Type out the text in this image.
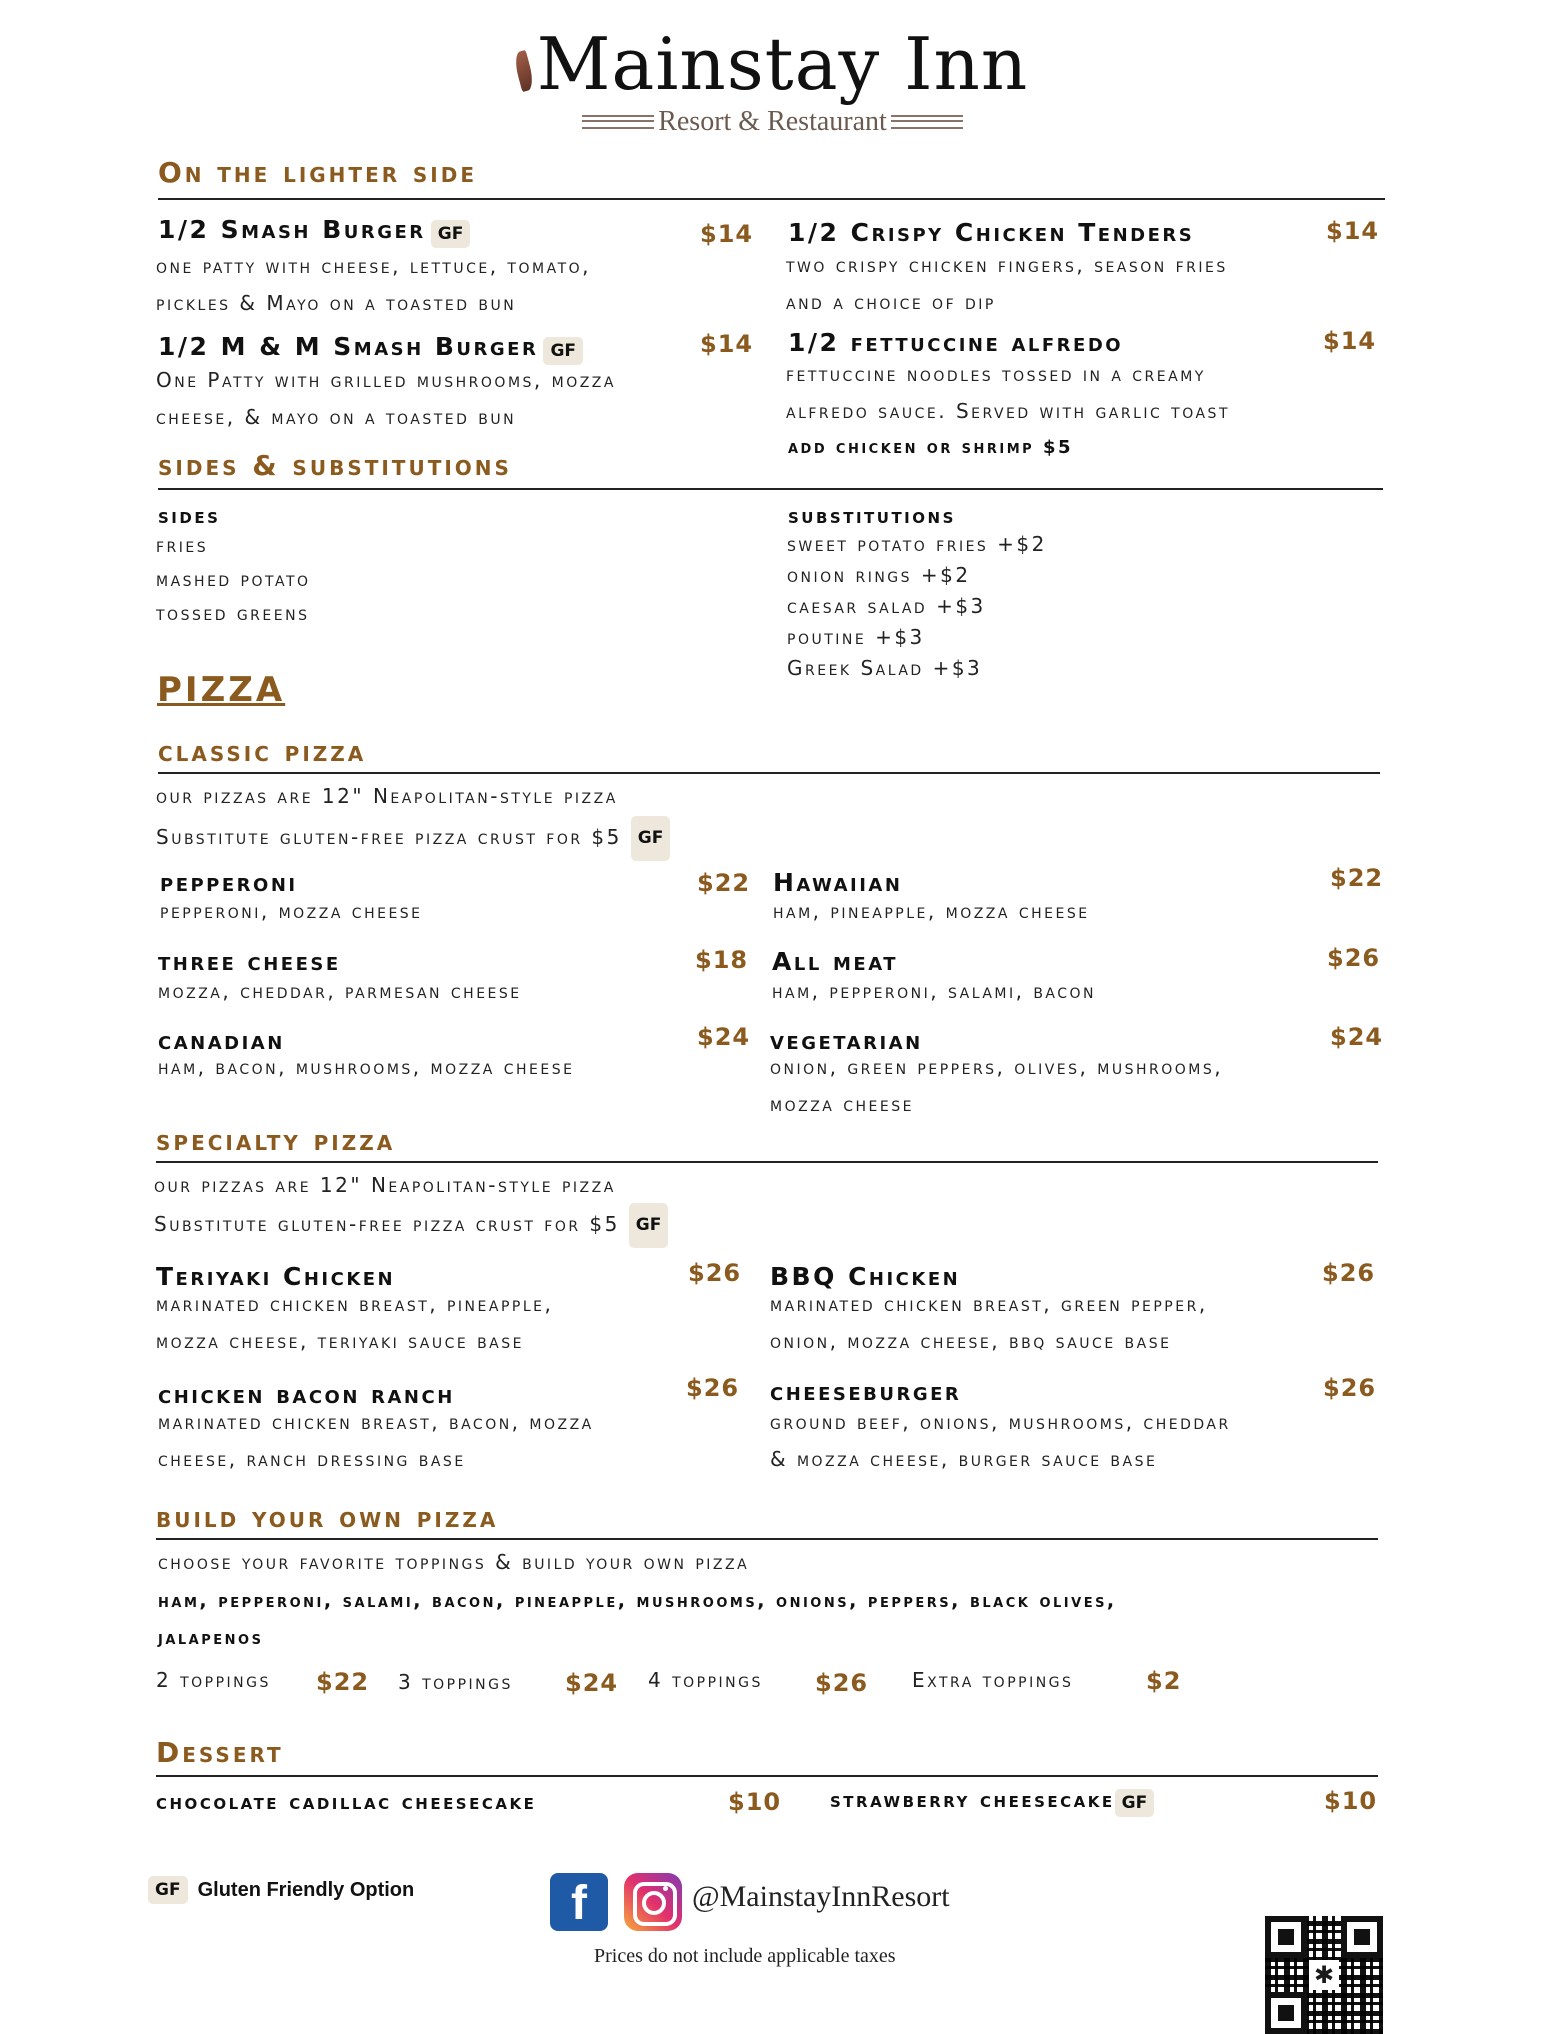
Mainstay Inn
Resort & Restaurant
On the lighter side
1/2 Smash Burger GF	$14
one patty with cheese, lettuce, tomato,
pickles & Mayo on a toasted bun
1/2 Crispy Chicken Tenders	$14
two crispy chicken fingers, season fries
and a choice of dip
1/2 M & M Smash Burger GF	$14
One Patty with grilled mushrooms, mozza
cheese, & mayo on a toasted bun
1/2 fettuccine alfredo	$14
fettuccine noodles tossed in a creamy
alfredo sauce. Served with garlic toast
add chicken or shrimp $5
sides & substitutions
sides
fries
mashed potato
tossed greens
substitutions
sweet potato fries +$2
onion rings +$2
caesar salad +$3
poutine +$3
Greek Salad +$3
PIZZA
classic pizza
our pizzas are 12" Neapolitan-style pizza
Substitute gluten-free pizza crust for $5 GF
pepperoni	$22
pepperoni, mozza cheese
Hawaiian	$22
ham, pineapple, mozza cheese
three cheese	$18
mozza, cheddar, parmesan cheese
All meat	$26
ham, pepperoni, salami, bacon
canadian	$24
ham, bacon, mushrooms, mozza cheese
vegetarian	$24
onion, green peppers, olives, mushrooms,
mozza cheese
specialty pizza
our pizzas are 12" Neapolitan-style pizza
Substitute gluten-free pizza crust for $5 GF
Teriyaki Chicken	$26
marinated chicken breast, pineapple,
mozza cheese, teriyaki sauce base
BBQ Chicken	$26
marinated chicken breast, green pepper,
onion, mozza cheese, bbq sauce base
chicken bacon ranch	$26
marinated chicken breast, bacon, mozza
cheese, ranch dressing base
cheeseburger	$26
ground beef, onions, mushrooms, cheddar
& mozza cheese, burger sauce base
build your own pizza
choose your favorite toppings & build your own pizza
ham, pepperoni, salami, bacon, pineapple, mushrooms, onions, peppers, black olives,
jalapenos
2 toppings $22 3 toppings $24 4 toppings $26 Extra toppings	$2
Dessert
chocolate cadillac cheesecake	$10 strawberry cheesecake GF	$10
GF Gluten Friendly Option	f	@MainstayInnResort
Prices do not include applicable taxes
✱
